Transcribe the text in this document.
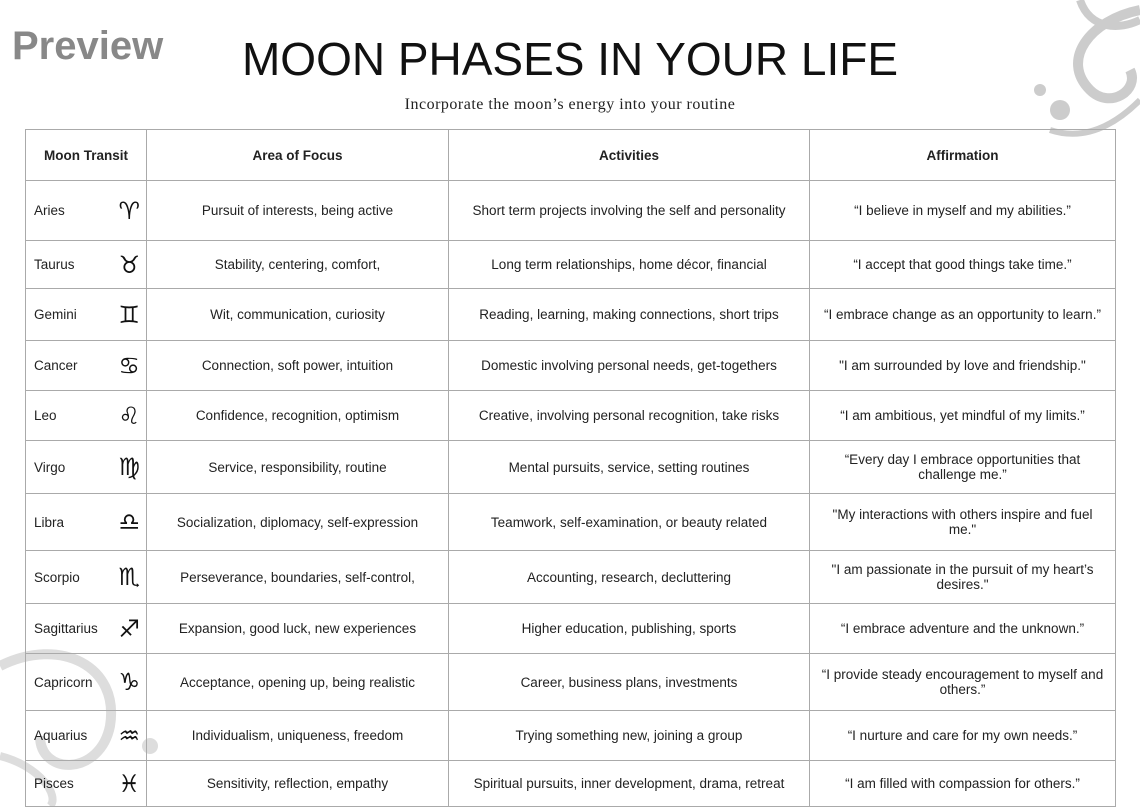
Preview	MOON PHASES IN YOUR LIFE
Incorporate the moon’s energy into your routine
Moon Transit	Area of Focus	Activities	Affirmation

Aries ♈︎	Pursuit of interests, being active	Short term projects involving the self and personality	“I believe in myself and my abilities.”

Taurus ♉︎	Stability, centering, comfort,	Long term relationships, home décor, financial	“I accept that good things take time.”

Gemini ♊︎	Wit, communication, curiosity	Reading, learning, making connections, short trips	“I embrace change as an opportunity to learn.”

Cancer ♋︎	Connection, soft power, intuition	Domestic involving personal needs, get-togethers	"I am surrounded by love and friendship."

Leo ♌︎	Confidence, recognition, optimism	Creative, involving personal recognition, take risks	“I am ambitious, yet mindful of my limits.”

Virgo ♍︎	Service, responsibility, routine	Mental pursuits, service, setting routines	“Every day I embrace opportunities that challenge me.”

Libra ♎︎	Socialization, diplomacy, self-expression	Teamwork, self-examination, or beauty related	"My interactions with others inspire and fuel me."

Scorpio ♏︎	Perseverance, boundaries, self-control,	Accounting, research, decluttering	"I am passionate in the pursuit of my heart’s desires."

Sagittarius ♐︎	Expansion, good luck, new experiences	Higher education, publishing, sports	“I embrace adventure and the unknown.”

Capricorn ♑︎	Acceptance, opening up, being realistic	Career, business plans, investments	“I provide steady encouragement to myself and others.”

Aquarius ♒︎	Individualism, uniqueness, freedom	Trying something new, joining a group	“I nurture and care for my own needs.”

Pisces ♓︎	Sensitivity, reflection, empathy	Spiritual pursuits, inner development, drama, retreat	“I am filled with compassion for others.”
